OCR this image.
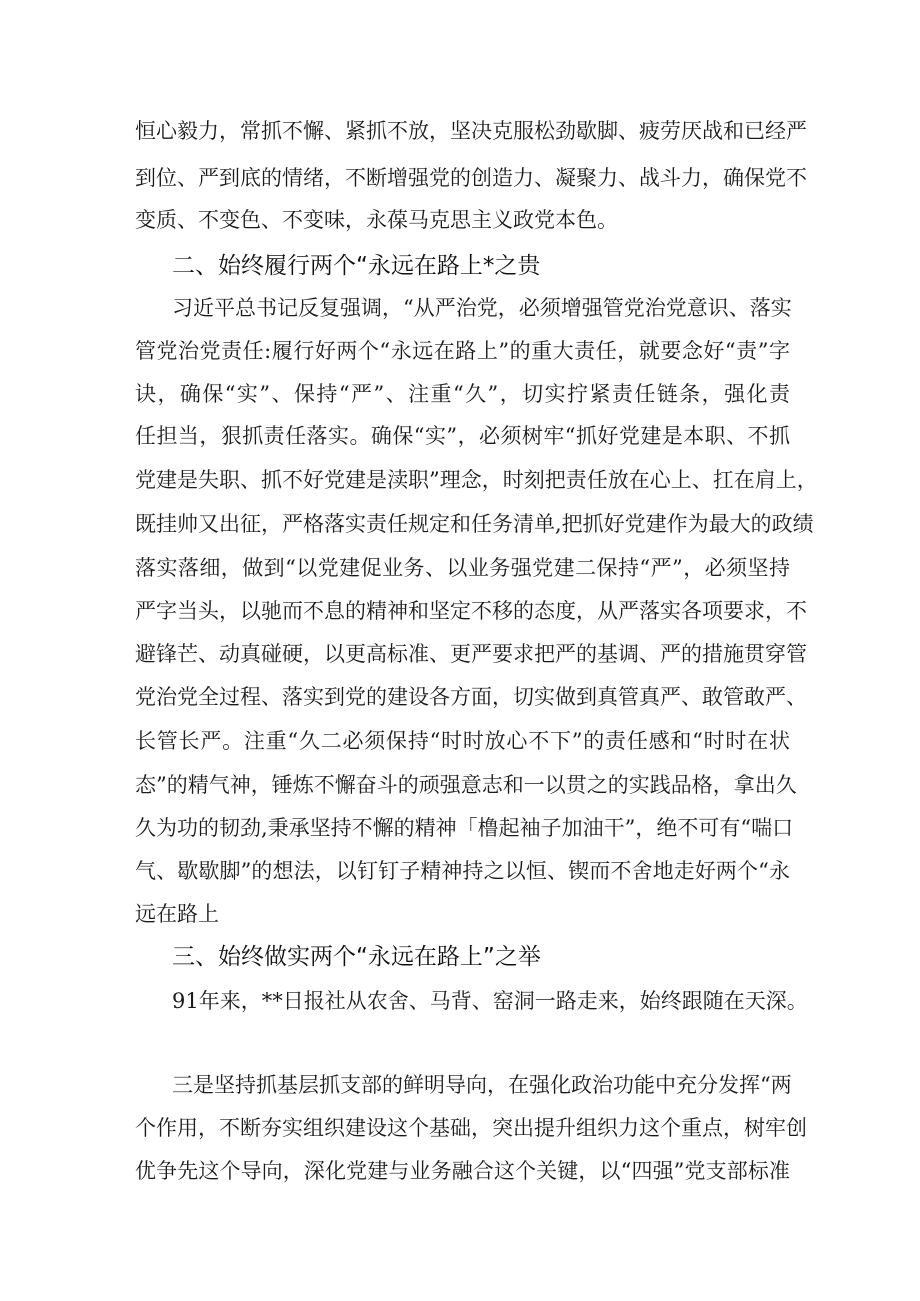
恒心毅力，常抓不懈、紧抓不放，坚决克服松劲歇脚、疲劳厌战和已经严
到位、严到底的情绪，不断增强党的创造力、凝聚力、战斗力，确保党不
变质、不变色、不变味，永葆马克思主义政党本色。
二、始终履行两个“永远在路上*之贵
习近平总书记反复强调，“从严治党，必须增强管党治党意识、落实
管党治党责任:履行好两个“永远在路上”的重大责任，就要念好“责”字
诀，确保“实”、保持“严”、注重“久”，切实拧紧责任链条，强化责
任担当，狠抓责任落实。确保“实”，必须树牢“抓好党建是本职、不抓
党建是失职、抓不好党建是渎职”理念，时刻把责任放在心上、扛在肩上，
既挂帅又出征，严格落实责任规定和任务清单,把抓好党建作为最大的政绩
落实落细，做到“以党建促业务、以业务强党建二保持“严”，必须坚持
严字当头，以驰而不息的精神和坚定不移的态度，从严落实各项要求，不
避锋芒、动真碰硬，以更高标准、更严要求把严的基调、严的措施贯穿管
党治党全过程、落实到党的建设各方面，切实做到真管真严、敢管敢严、
长管长严。注重“久二必须保持“时时放心不下”的责任感和“时时在状
态”的精气神，锤炼不懈奋斗的顽强意志和一以贯之的实践品格，拿出久
久为功的韧劲,秉承坚持不懈的精神「橹起袖子加油干”，绝不可有“喘口
气、歇歇脚”的想法，以钉钉子精神持之以恒、锲而不舍地走好两个“永
远在路上
三、始终做实两个“永远在路上”之举
91年来，**日报社从农舍、马背、窑洞一路走来，始终跟随在天深。
三是坚持抓基层抓支部的鲜明导向，在强化政治功能中充分发挥“两
个作用，不断夯实组织建设这个基础，突出提升组织力这个重点，树牢创
优争先这个导向，深化党建与业务融合这个关键，以“四强”党支部标准
